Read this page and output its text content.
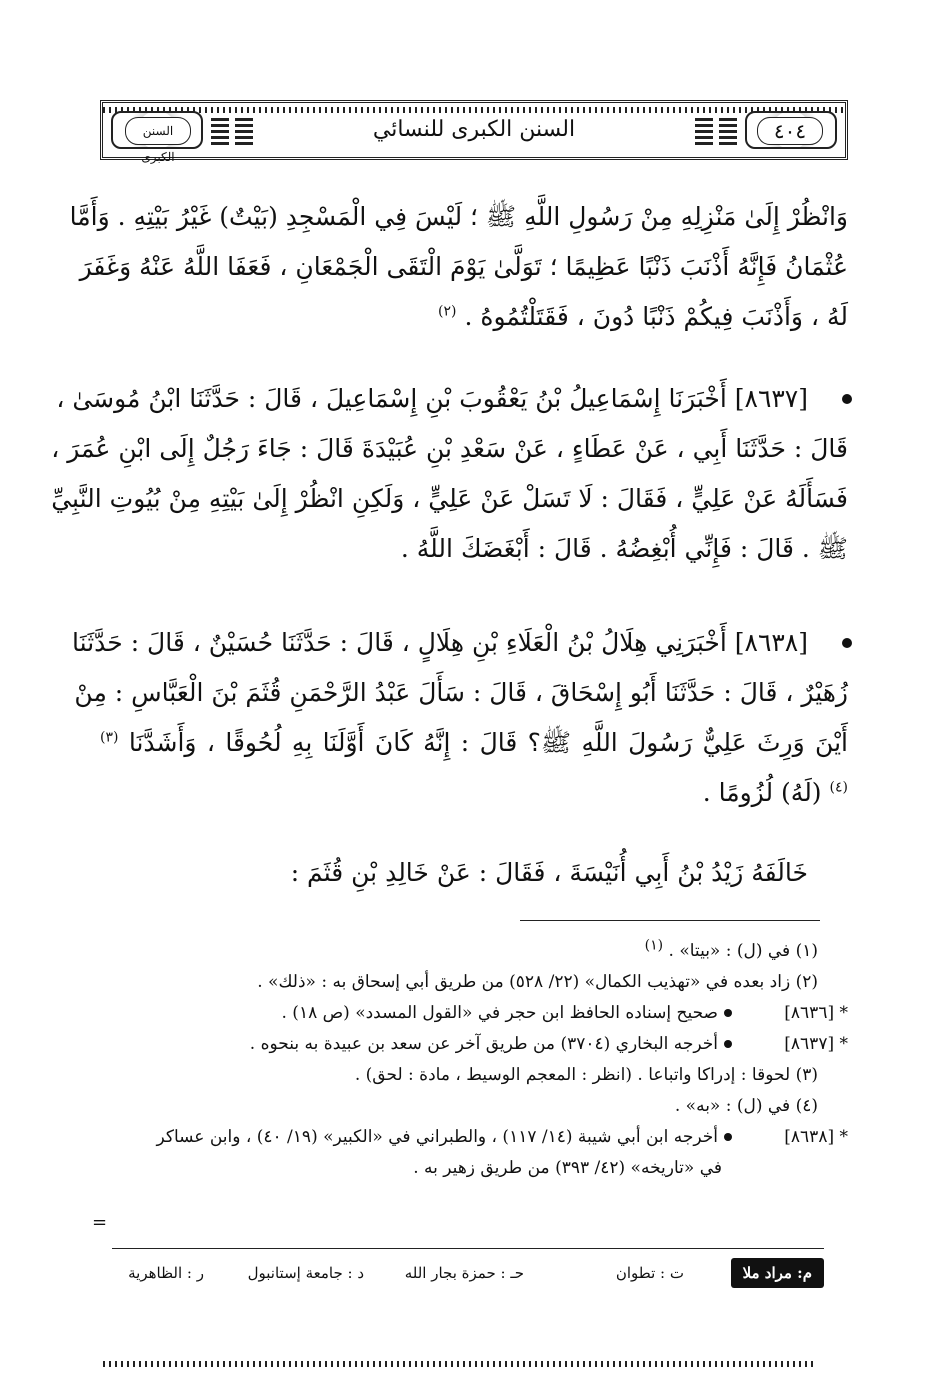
السنن الكبرى
السنن الكبرى للنسائي	٤٠٤
وَانْظُرْ إِلَىٰ مَنْزِلِهِ مِنْ رَسُولِ اللَّهِ ﷺ ؛ لَيْسَ فِي الْمَسْجِدِ (بَيْتٌ) غَيْرُ بَيْتِهِ . وَأَمَّا
عُثْمَانُ فَإِنَّهُ أَذْنَبَ ذَنْبًا عَظِيمًا ؛ تَوَلَّىٰ يَوْمَ الْتَقَى الْجَمْعَانِ ، فَعَفَا اللَّهُ عَنْهُ وَغَفَرَ
لَهُ ، وَأَذْنَبَ فِيكُمْ ذَنْبًا دُونَ ، فَقَتَلْتُمُوهُ . $^{(٢)}$
[٨٦٣٧] أَخْبَرَنَا إِسْمَاعِيلُ بْنُ يَعْقُوبَ بْنِ إِسْمَاعِيلَ ، قَالَ : حَدَّثَنَا ابْنُ مُوسَىٰ ،
قَالَ : حَدَّثَنَا أَبِي ، عَنْ عَطَاءٍ ، عَنْ سَعْدِ بْنِ عُبَيْدَةَ قَالَ : جَاءَ رَجُلٌ إِلَى ابْنِ عُمَرَ ،
فَسَأَلَهُ عَنْ عَلِيٍّ ، فَقَالَ : لَا تَسَلْ عَنْ عَلِيٍّ ، وَلَكِنِ انْظُرْ إِلَىٰ بَيْتِهِ مِنْ بُيُوتِ النَّبِيِّ
ﷺ . قَالَ : فَإِنِّي أُبْغِضُهُ . قَالَ : أَبْغَضَكَ اللَّهُ .
[٨٦٣٨] أَخْبَرَنِي هِلَالُ بْنُ الْعَلَاءِ بْنِ هِلَالٍ ، قَالَ : حَدَّثَنَا حُسَيْنٌ ، قَالَ : حَدَّثَنَا
زُهَيْرٌ ، قَالَ : حَدَّثَنَا أَبُو إِسْحَاقَ ، قَالَ : سَأَلَ عَبْدُ الرَّحْمَنِ قُثَمَ بْنَ الْعَبَّاسِ : مِنْ
أَيْنَ وَرِثَ عَلِيٌّ رَسُولَ اللَّهِ ﷺ؟ قَالَ : إِنَّهُ كَانَ أَوَّلَنَا بِهِ لُحُوقًا ، وَأَشَدَّنَا $^{(٣)}$
$^{(٤)}$ (لَهُ) لُزُومًا .
خَالَفَهُ زَيْدُ بْنُ أَبِي أُنَيْسَةَ ، فَقَالَ : عَنْ خَالِدِ بْنِ قُثَمَ :
(١) في (ل) : «بيتا» . $^{(١)}$
(٢) زاد بعده في «تهذيب الكمال» (٢٢/ ٥٢٨) من طريق أبي إسحاق به : «ذلك» .
* [٨٦٣٦]صحيح إسناده الحافظ ابن حجر في «القول المسدد» (ص ١٨) .
* [٨٦٣٧]أخرجه البخاري (٣٧٠٤) من طريق آخر عن سعد بن عبيدة به بنحوه .
(٣) لحوقا : إدراكا واتباعا . (انظر : المعجم الوسيط ، مادة : لحق) .
(٤) في (ل) : «به» .
* [٨٦٣٨]أخرجه ابن أبي شيبة (١٤/ ١١٧) ، والطبراني في «الكبير» (١٩/ ٤٠) ، وابن عساكر
في «تاريخه» (٤٢/ ٣٩٣) من طريق زهير به .
=
م: مراد ملا
ت : تطوان
حـ : حمزة بجار الله
د : جامعة إستانبول
ر : الظاهرية
